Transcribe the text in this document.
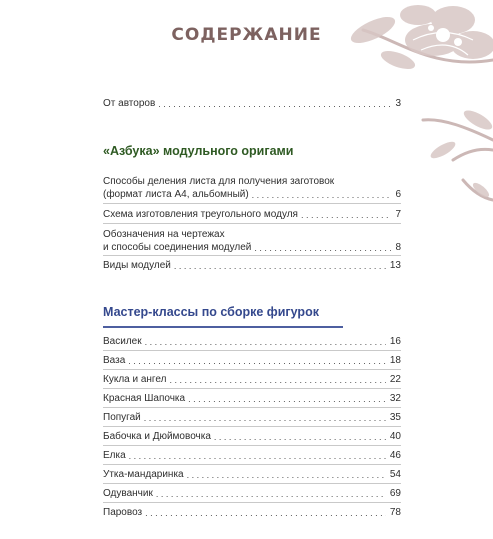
СОДЕРЖАНИЕ
От авторов . . .	3
«Азбука» модульного оригами
Способы деления листа для получения заготовок
(формат листа А4, альбомный) . . .	6
Схема изготовления треугольного модуля . . .	7
Обозначения на чертежах
и способы соединения модулей . . .	8
Виды модулей . . .	13
Мастер-классы по сборке фигурок
Василек . . .	16
Ваза . . .	18
Кукла и ангел . . .	22
Красная Шапочка . . .	32
Попугай . . .	35
Бабочка и Дюймовочка . . .	40
Елка . . .	46
Утка-мандаринка . . .	54
Одуванчик . . .	69
Паровоз . . .	78
